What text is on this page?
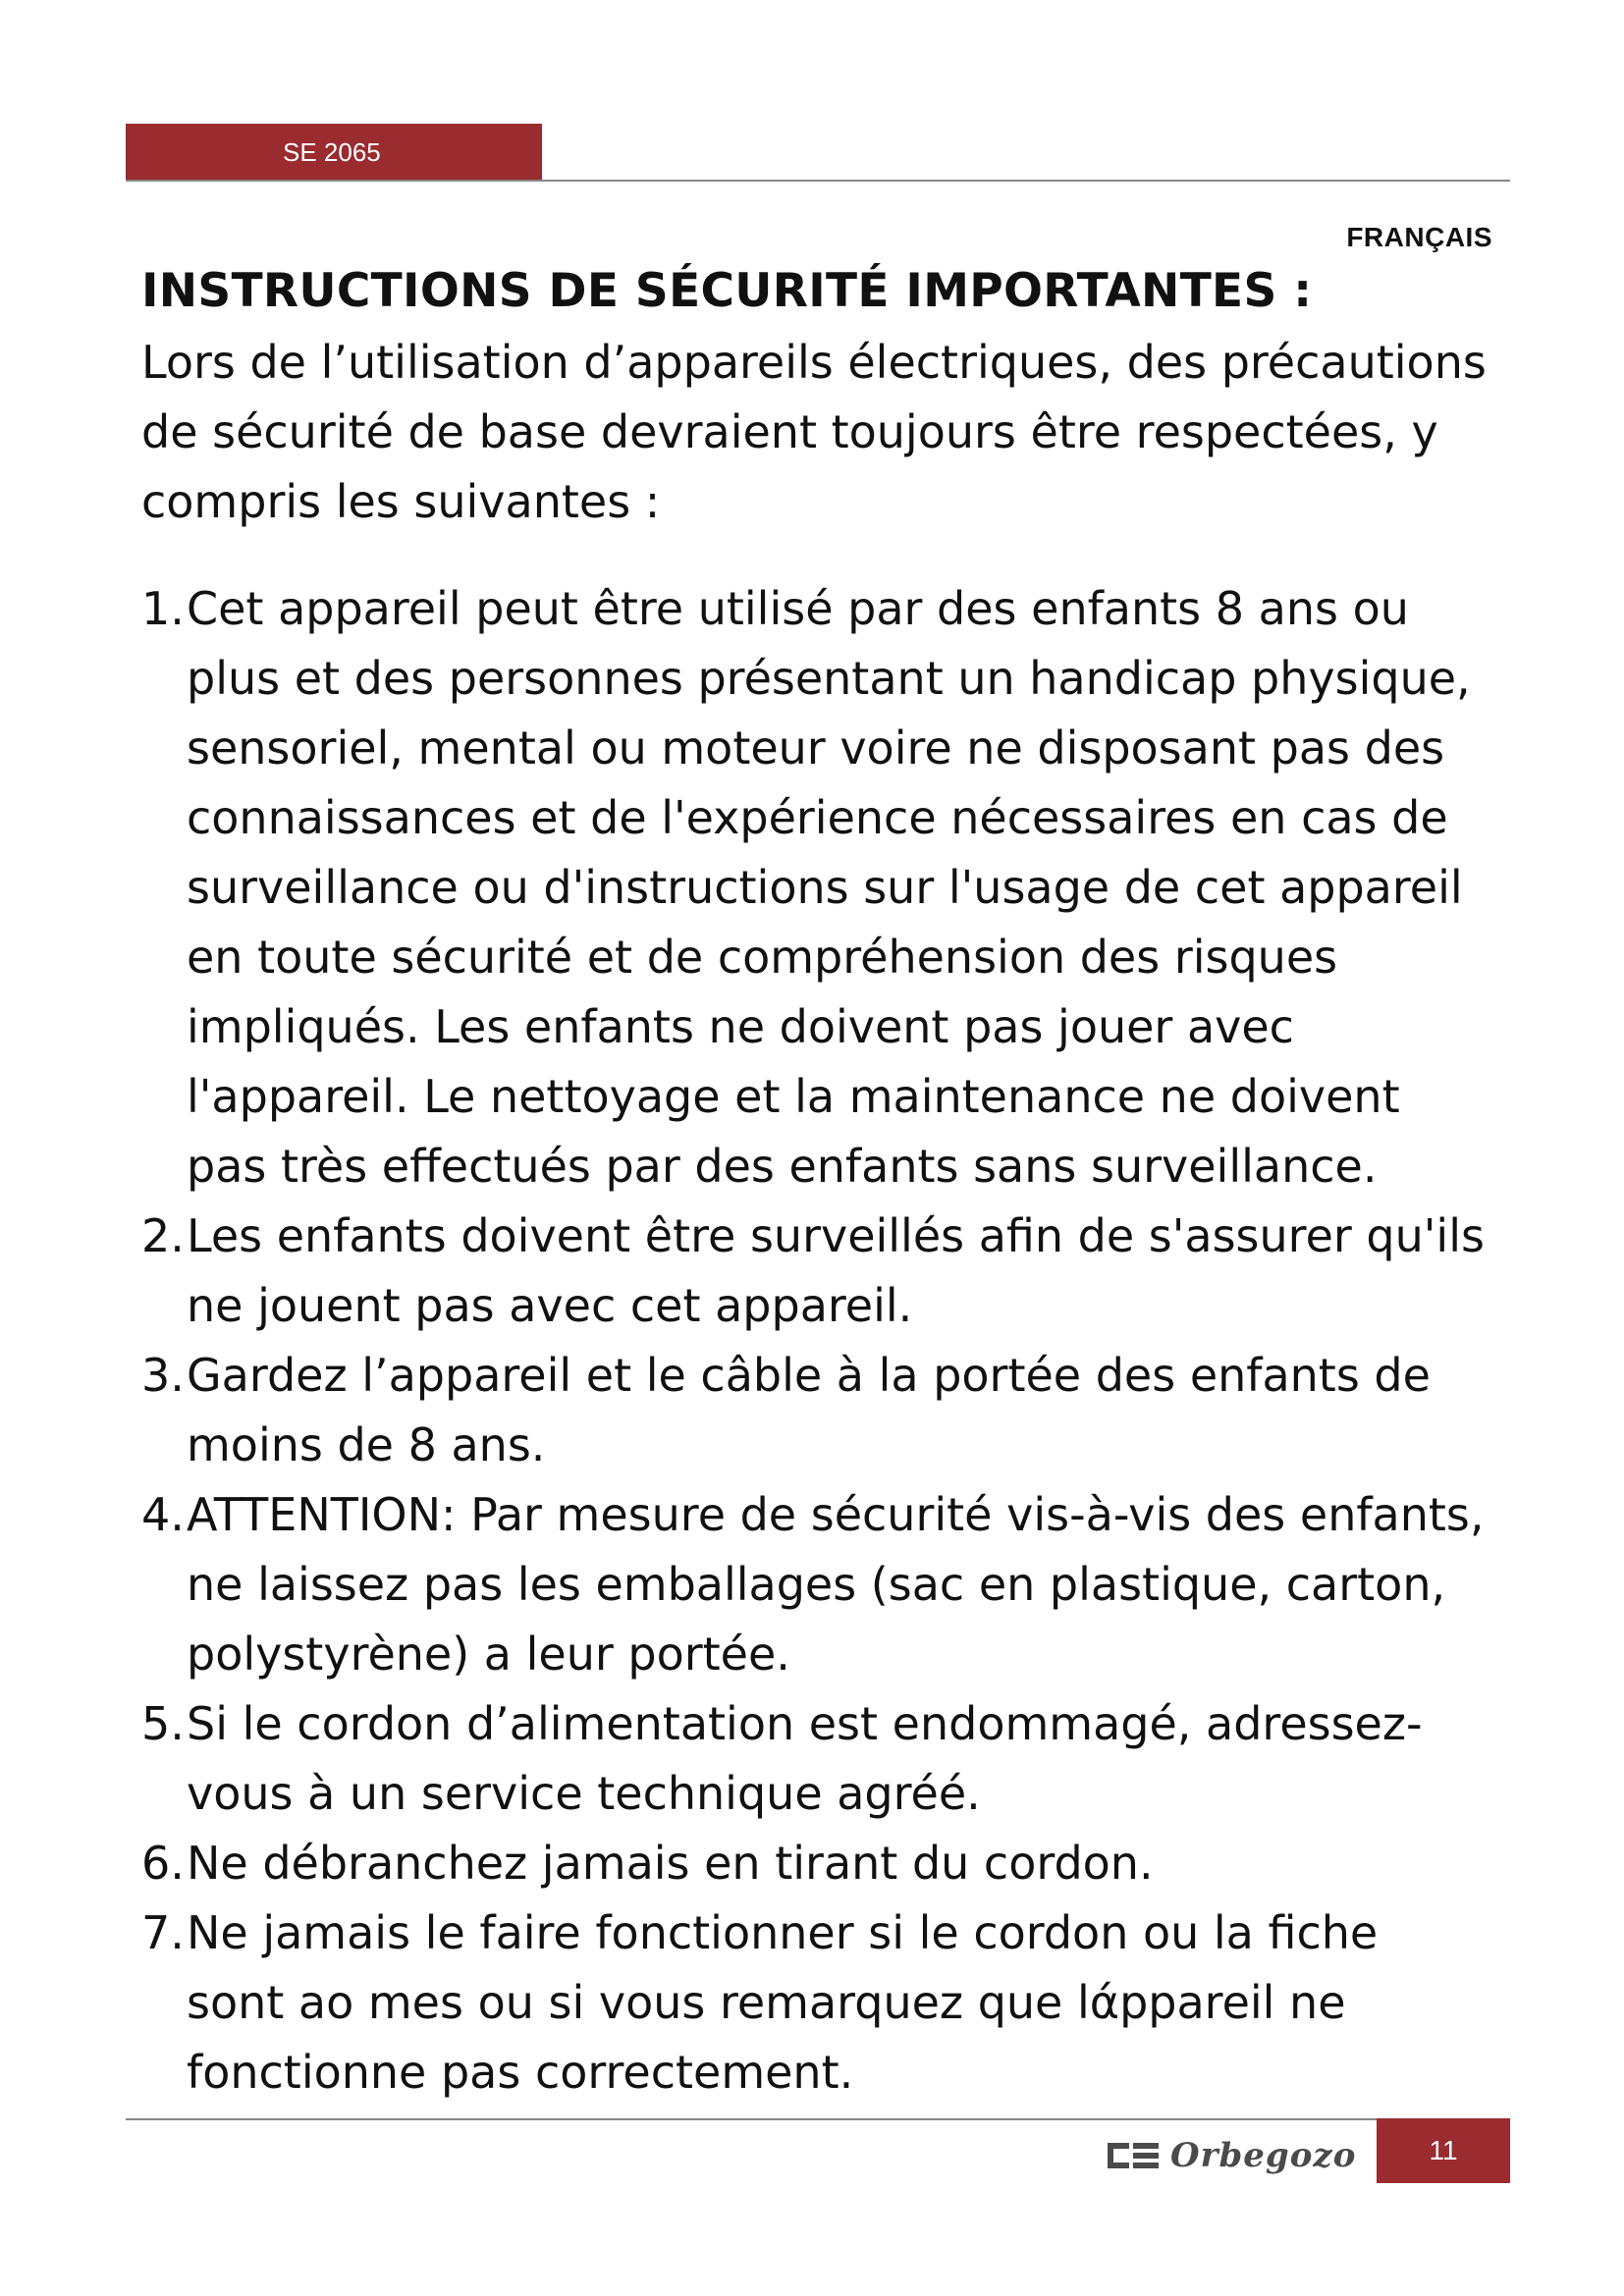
SE 2065
FRANÇAIS
INSTRUCTIONS DE SÉCURITÉ IMPORTANTES :

Lors de l’utilisation d’appareils électriques, des précautions
de sécurité de base devraient toujours être respectées, y
compris les suivantes :

1. Cet appareil peut être utilisé par des enfants 8 ans ou
plus et des personnes présentant un handicap physique,
sensoriel, mental ou moteur voire ne disposant pas des
connaissances et de l'expérience nécessaires en cas de
surveillance ou d'instructions sur l'usage de cet appareil
en toute sécurité et de compréhension des risques
impliqués. Les enfants ne doivent pas jouer avec
l'appareil. Le nettoyage et la maintenance ne doivent
pas très effectués par des enfants sans surveillance.
2. Les enfants doivent être surveillés afin de s'assurer qu'ils
ne jouent pas avec cet appareil.
3. Gardez l’appareil et le câble à la portée des enfants de
moins de 8 ans.
4. ATTENTION: Par mesure de sécurité vis-à-vis des enfants,
ne laissez pas les emballages (sac en plastique, carton,
polystyrène) a leur portée.
5. Si le cordon d’alimentation est endommagé, adressez-
vous à un service technique agréé.
6. Ne débranchez jamais en tirant du cordon.
7. Ne jamais le faire fonctionner si le cordon ou la fiche
sont ao mes ou si vous remarquez que lάppareil ne
fonctionne pas correctement.
Orbegozo	11
